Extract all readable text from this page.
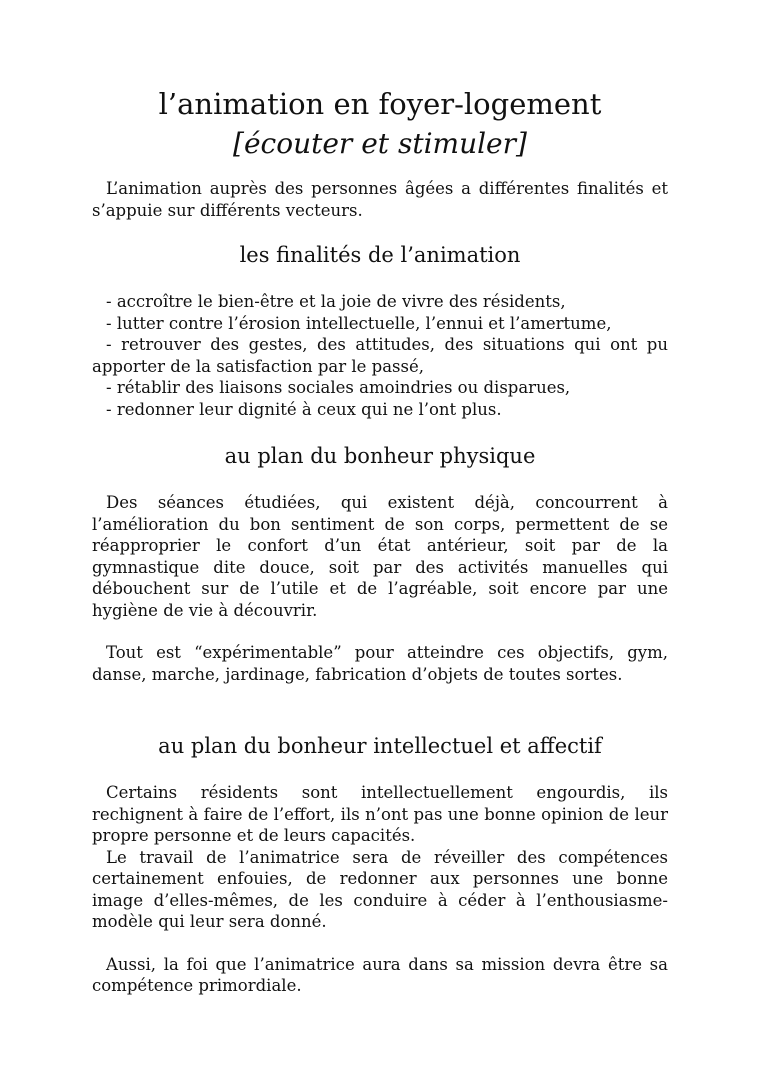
l’animation en foyer-logement
[écouter et stimuler]

L’animation auprès des personnes âgées a différentes finalités et s’appuie sur différents vecteurs.

les finalités de l’animation

- accroître le bien-être et la joie de vivre des résidents,

- lutter contre l’érosion intellectuelle, l’ennui et l’amertume,

- retrouver des gestes, des attitudes, des situations qui ont pu apporter de la satisfaction par le passé,

- rétablir des liaisons sociales amoindries ou disparues,

- redonner leur dignité à ceux qui ne l’ont plus.

au plan du bonheur physique

Des séances étudiées, qui existent déjà, concourrent à l’amélioration du bon sentiment de son corps, permettent de se réapproprier le confort d’un état antérieur, soit par de la gymnastique dite douce, soit par des activités manuelles qui débouchent sur de l’utile et de l’agréable, soit encore par une hygiène de vie à découvrir.

Tout est “expérimentable” pour atteindre ces objectifs, gym, danse, marche, jardinage, fabrication d’objets de toutes sortes.

au plan du bonheur intellectuel et affectif

Certains résidents sont intellectuellement engourdis, ils rechignent à faire de l’effort, ils n’ont pas une bonne opinion de leur propre personne et de leurs capacités.

Le travail de l’animatrice sera de réveiller des compétences certainement enfouies, de redonner aux personnes une bonne image d’elles-mêmes, de les conduire à céder à l’enthousiasme-modèle qui leur sera donné.

Aussi, la foi que l’animatrice aura dans sa mission devra être sa compétence primordiale.
